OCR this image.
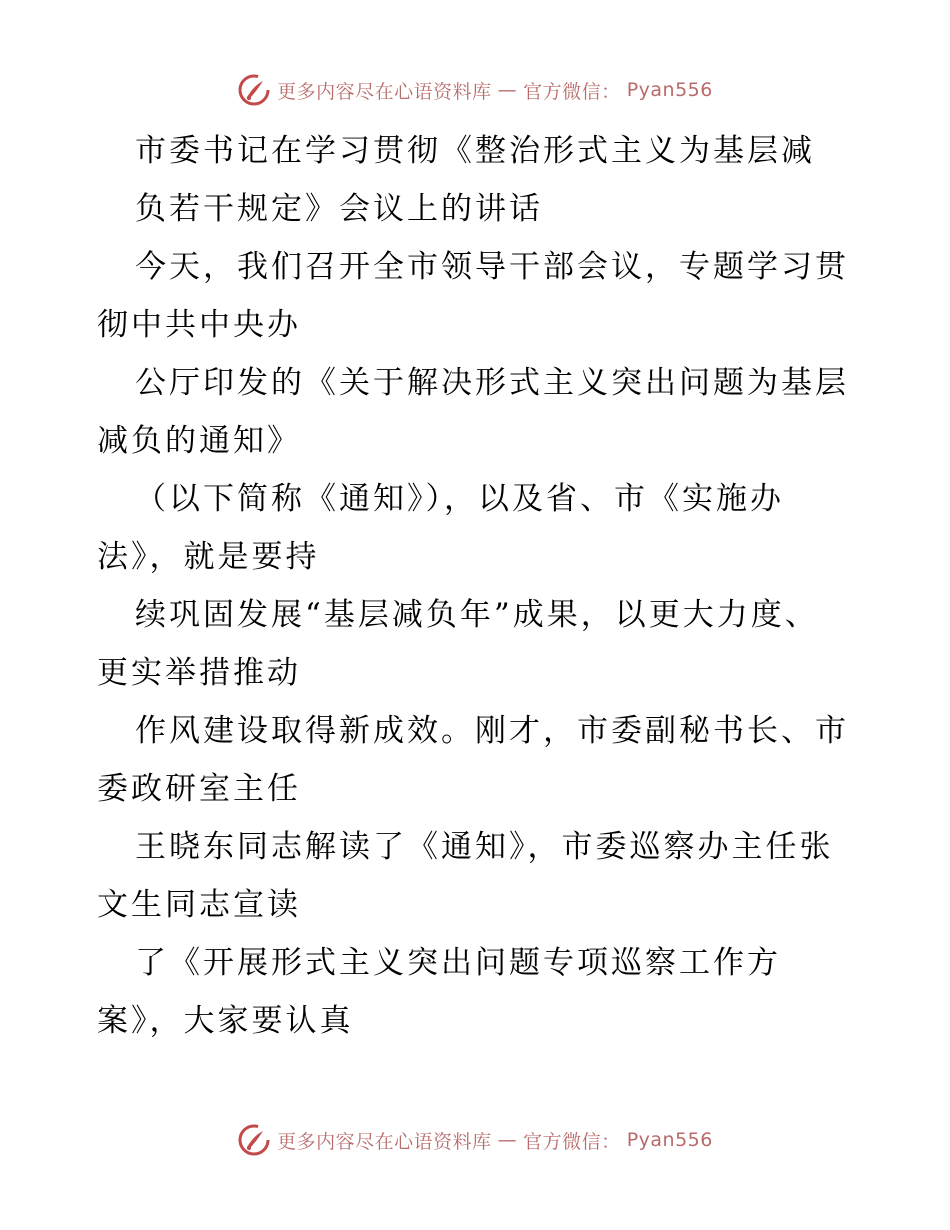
更多内容尽在心语资料库 — 官方微信： Pyan556
市委书记在学习贯彻《整治形式主义为基层减
负若干规定》会议上的讲话
今天，我们召开全市领导干部会议，专题学习贯
彻中共中央办
公厅印发的《关于解决形式主义突出问题为基层
减负的通知》
（以下简称《通知》），以及省、市《实施办
法》，就是要持
续巩固发展“基层减负年”成果，以更大力度、
更实举措推动
作风建设取得新成效。刚才，市委副秘书长、市
委政研室主任
王晓东同志解读了《通知》，市委巡察办主任张
文生同志宣读
了《开展形式主义突出问题专项巡察工作方
案》，大家要认真
更多内容尽在心语资料库 — 官方微信： Pyan556
